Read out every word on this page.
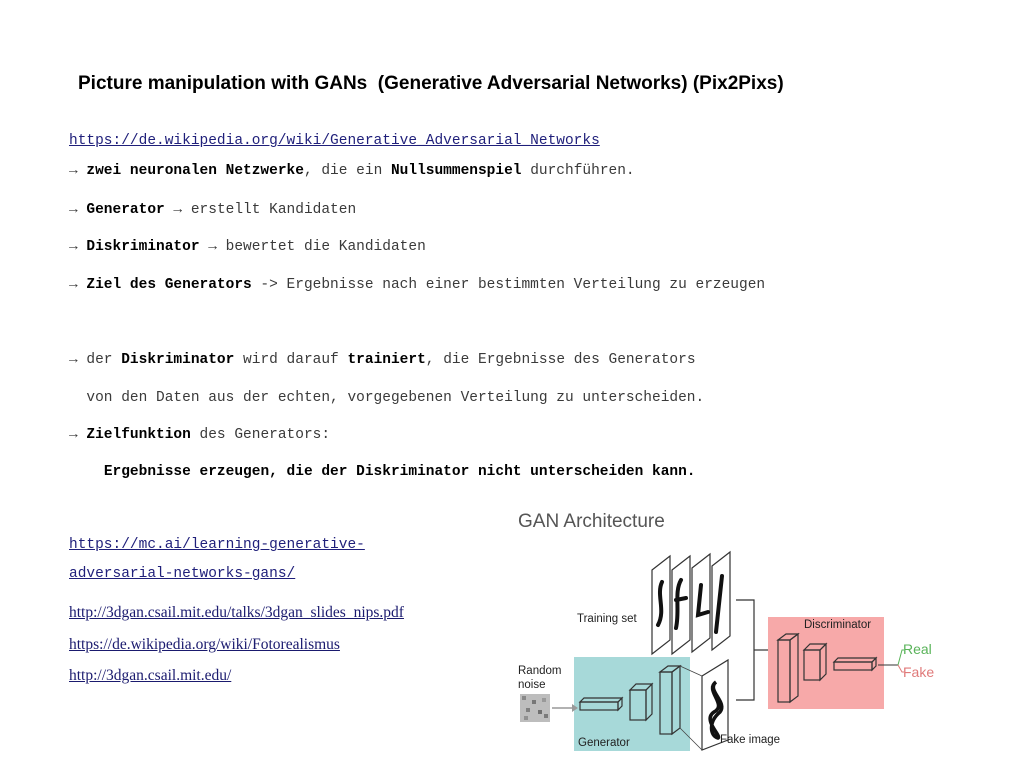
Picture manipulation with GANs  (Generative Adversarial Networks) (Pix2Pixs)
https://de.wikipedia.org/wiki/Generative_Adversarial_Networks
→ zwei neuronalen Netzwerke, die ein Nullsummenspiel durchführen.
→ Generator → erstellt Kandidaten
→ Diskriminator → bewertet die Kandidaten
→ Ziel des Generators -> Ergebnisse nach einer bestimmten Verteilung zu erzeugen
→ der Diskriminator wird darauf trainiert, die Ergebnisse des Generators
von den Daten aus der echten, vorgegebenen Verteilung zu unterscheiden.
→ Zielfunktion des Generators:
Ergebnisse erzeugen, die der Diskriminator nicht unterscheiden kann.
https://mc.ai/learning-generative-
adversarial-networks-gans/
http://3dgan.csail.mit.edu/talks/3dgan_slides_nips.pdf
https://de.wikipedia.org/wiki/Fotorealismus
http://3dgan.csail.mit.edu/
GAN Architecture
Training set
Generator
Random
noise
Fake image
Discriminator
Real
Fake
